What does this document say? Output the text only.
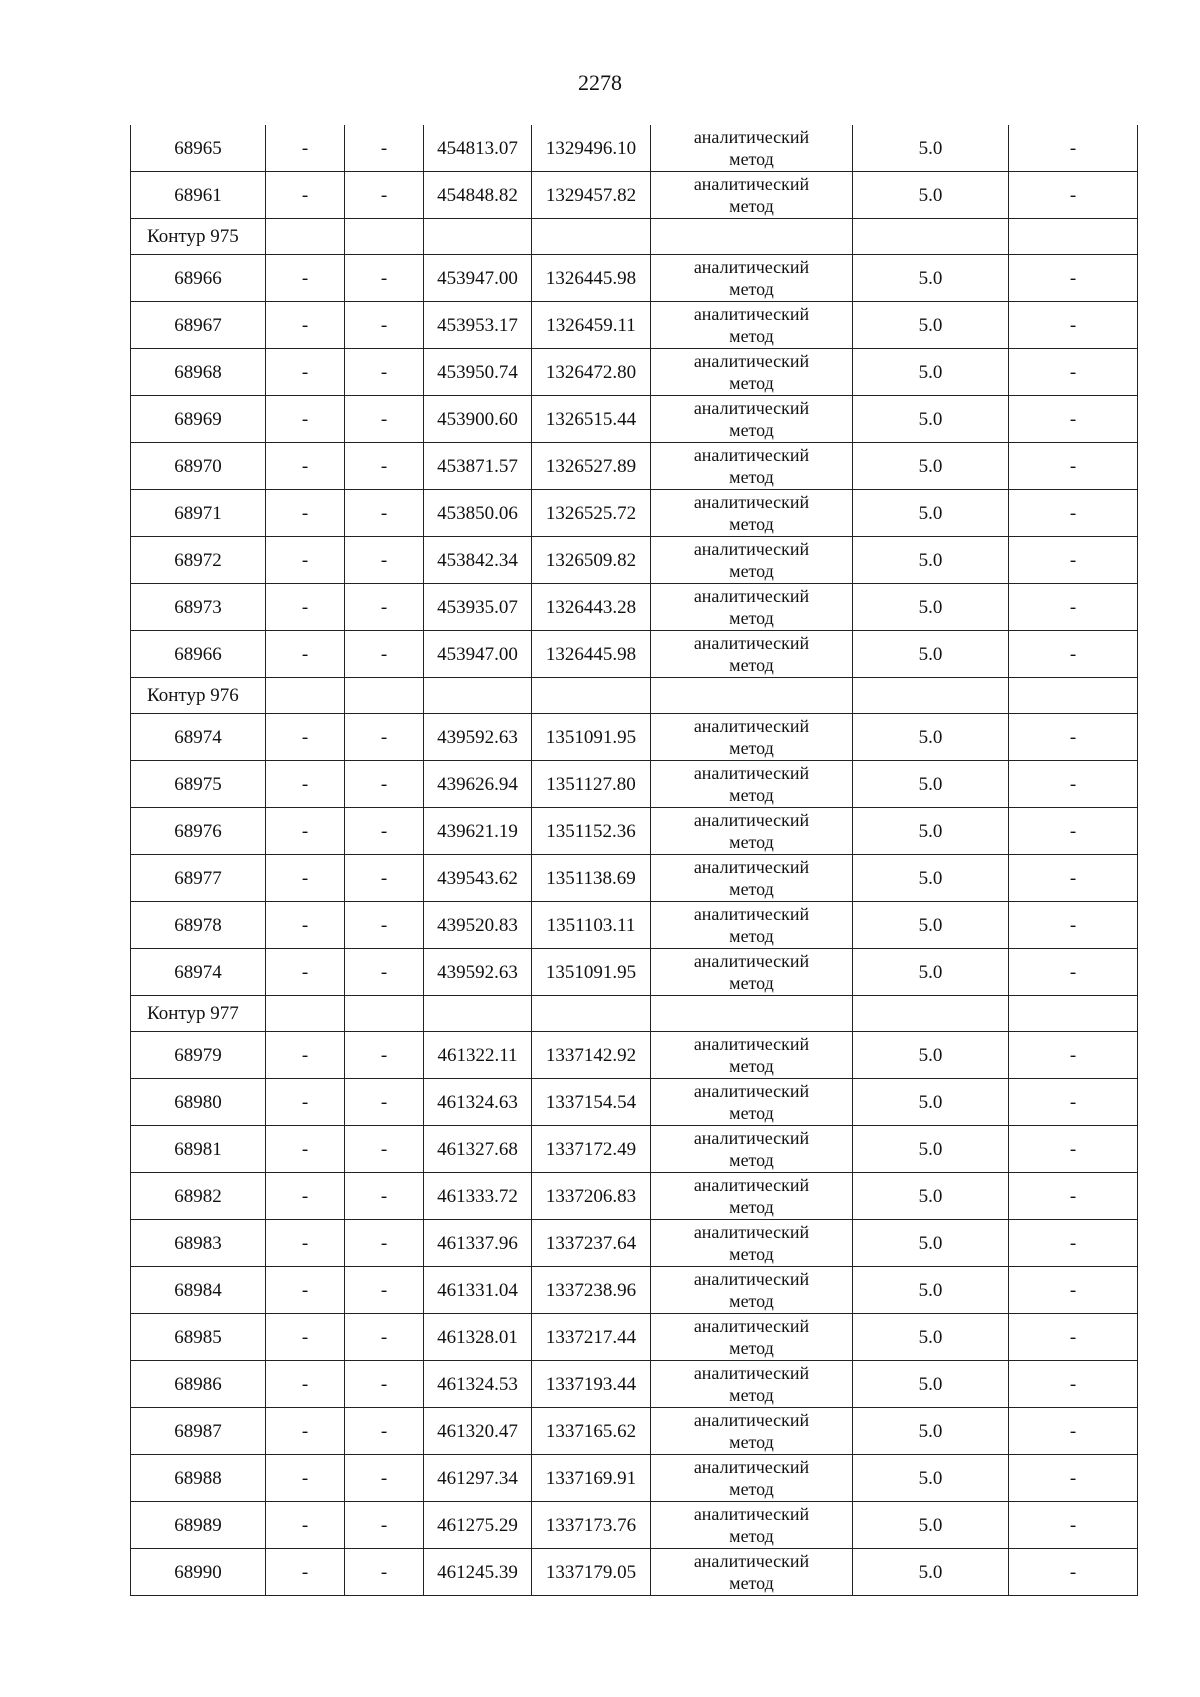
2278
68965	-	-	454813.07	1329496.10	аналитический
метод	5.0	-
68961	-	-	454848.82	1329457.82	аналитический
метод	5.0	-
Контур 975							
68966	-	-	453947.00	1326445.98	аналитический
метод	5.0	-
68967	-	-	453953.17	1326459.11	аналитический
метод	5.0	-
68968	-	-	453950.74	1326472.80	аналитический
метод	5.0	-
68969	-	-	453900.60	1326515.44	аналитический
метод	5.0	-
68970	-	-	453871.57	1326527.89	аналитический
метод	5.0	-
68971	-	-	453850.06	1326525.72	аналитический
метод	5.0	-
68972	-	-	453842.34	1326509.82	аналитический
метод	5.0	-
68973	-	-	453935.07	1326443.28	аналитический
метод	5.0	-
68966	-	-	453947.00	1326445.98	аналитический
метод	5.0	-
Контур 976							
68974	-	-	439592.63	1351091.95	аналитический
метод	5.0	-
68975	-	-	439626.94	1351127.80	аналитический
метод	5.0	-
68976	-	-	439621.19	1351152.36	аналитический
метод	5.0	-
68977	-	-	439543.62	1351138.69	аналитический
метод	5.0	-
68978	-	-	439520.83	1351103.11	аналитический
метод	5.0	-
68974	-	-	439592.63	1351091.95	аналитический
метод	5.0	-
Контур 977							
68979	-	-	461322.11	1337142.92	аналитический
метод	5.0	-
68980	-	-	461324.63	1337154.54	аналитический
метод	5.0	-
68981	-	-	461327.68	1337172.49	аналитический
метод	5.0	-
68982	-	-	461333.72	1337206.83	аналитический
метод	5.0	-
68983	-	-	461337.96	1337237.64	аналитический
метод	5.0	-
68984	-	-	461331.04	1337238.96	аналитический
метод	5.0	-
68985	-	-	461328.01	1337217.44	аналитический
метод	5.0	-
68986	-	-	461324.53	1337193.44	аналитический
метод	5.0	-
68987	-	-	461320.47	1337165.62	аналитический
метод	5.0	-
68988	-	-	461297.34	1337169.91	аналитический
метод	5.0	-
68989	-	-	461275.29	1337173.76	аналитический
метод	5.0	-
68990	-	-	461245.39	1337179.05	аналитический
метод	5.0	-
